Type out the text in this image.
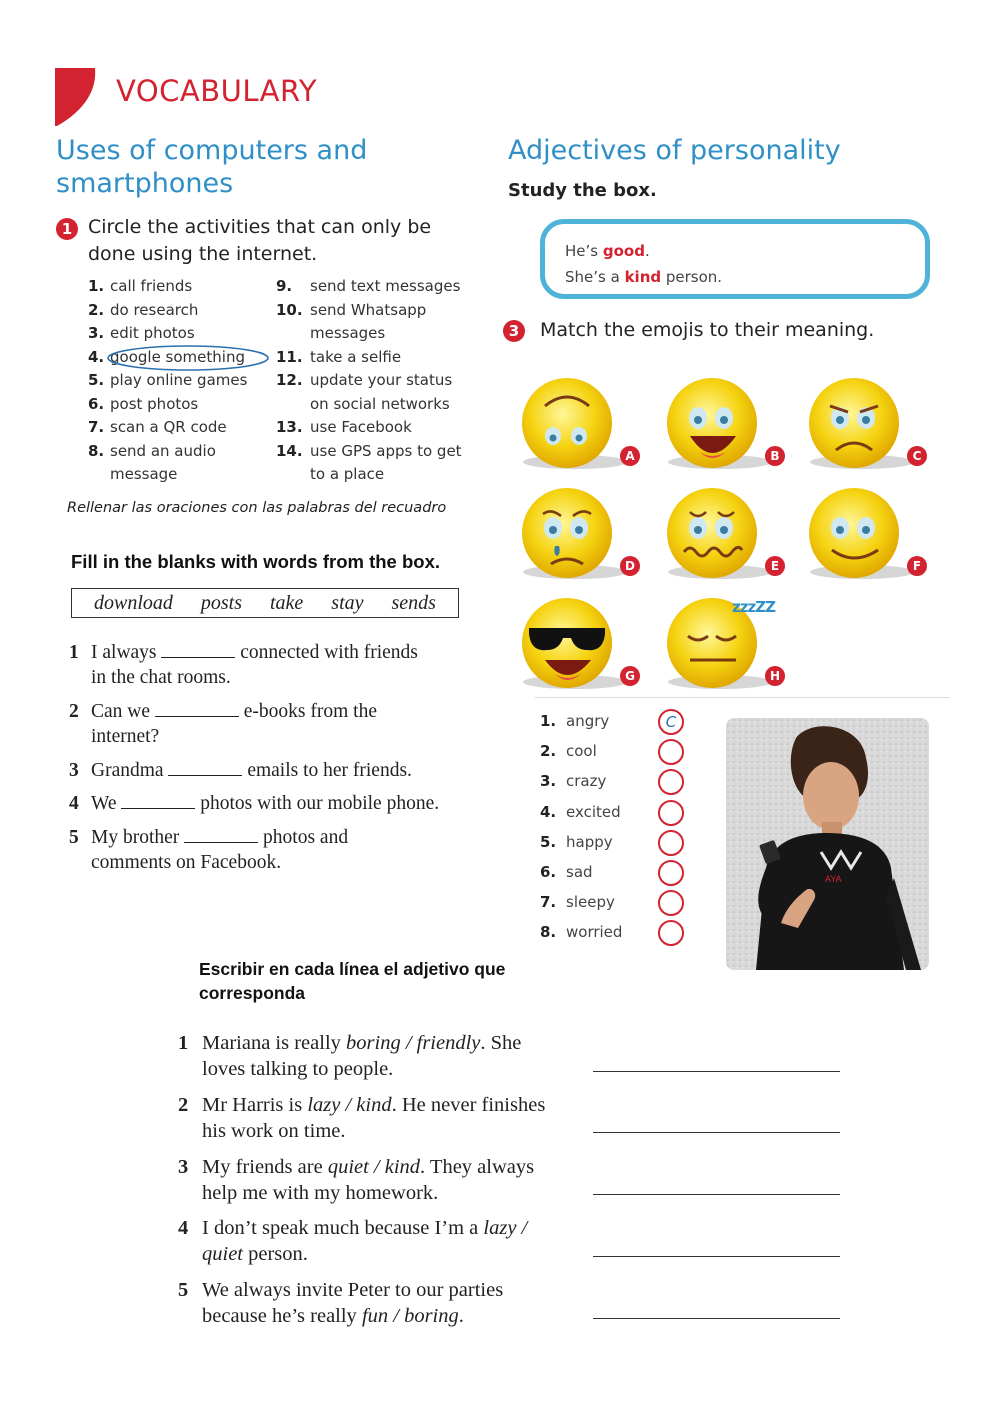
VOCABULARY
Uses of computers and
smartphones
1 Circle the activities that can only be
done using the internet.
1. call friends
2. do research
3. edit photos
4. google something
5. play online games
6. post photos
7. scan a QR code
8. send an audio
message
9. send text messages
10. send Whatsapp
messages
11. take a selfie
12. update your status
on social networks
13. use Facebook
14. use GPS apps to get
to a place
Rellenar las oraciones con las palabras del recuadro
Fill in the blanks with words from the box.
download posts take stay sends
1 I always	connected with friends
in the chat rooms.
2 Can we	e-books from the
internet?
3 Grandma	emails to her friends.
4 We	photos with our mobile phone.
5 My brother	photos and
comments on Facebook.
Adjectives of personality
Study the box.
He’s good.
She’s a kind person.
3	Match the emojis to their meaning.
A	B	C
D	E	F
G	H
zzzZZ
1. angry
2. cool
3. crazy
4. excited
5. happy
6. sad
7. sleepy
8. worried
C
AYA
Escribir en cada línea el adjetivo que
corresponda
1 Mariana is really boring / friendly. She
loves talking to people.
2 Mr Harris is lazy / kind. He never finishes
his work on time.
3 My friends are quiet / kind. They always
help me with my homework.
4 I don’t speak much because I’m a lazy /
quiet person.
5 We always invite Peter to our parties
because he’s really fun / boring.
